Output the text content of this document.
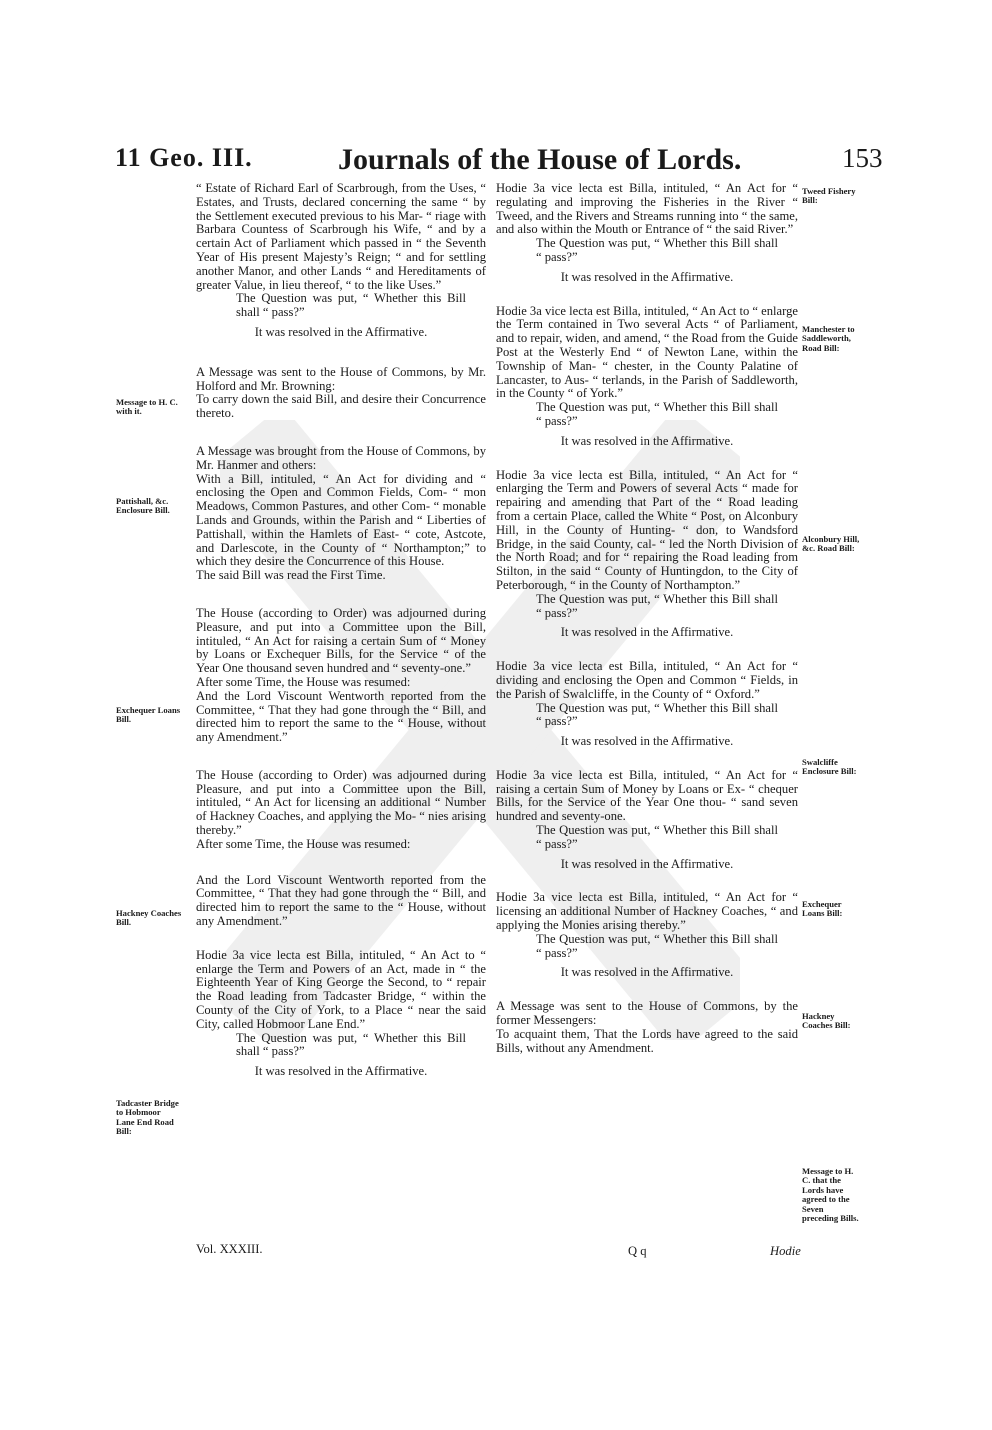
11 Geo. III.	Journals of the House of Lords.	153
Message to H. C. with it.
Pattishall, &c. Enclosure Bill.
Exchequer Loans Bill.
Hackney Coaches Bill.
Tadcaster Bridge to Hobmoor Lane End Road Bill:

“ Estate of Richard Earl of Scarbrough, from the Uses, “ Estates, and Trusts, declared concerning the same “ by the Settlement executed previous to his Mar- “ riage with Barbara Countess of Scarbrough his Wife, “ and by a certain Act of Parliament which passed in “ the Seventh Year of His present Majesty’s Reign; “ and for settling another Manor, and other Lands “ and Hereditaments of greater Value, in lieu thereof, “ to the like Uses.”

The Question was put, “ Whether this Bill shall “ pass?”

It was resolved in the Affirmative.

A Message was sent to the House of Commons, by Mr. Holford and Mr. Browning:

To carry down the said Bill, and desire their Concurrence thereto.

A Message was brought from the House of Commons, by Mr. Hanmer and others:

With a Bill, intituled, “ An Act for dividing and “ enclosing the Open and Common Fields, Com- “ mon Meadows, Common Pastures, and other Com- “ monable Lands and Grounds, within the Parish and “ Liberties of Pattishall, within the Hamlets of East- “ cote, Astcote, and Darlescote, in the County of “ Northampton;” to which they desire the Concurrence of this House.

The said Bill was read the First Time.

The House (according to Order) was adjourned during Pleasure, and put into a Committee upon the Bill, intituled, “ An Act for raising a certain Sum of “ Money by Loans or Exchequer Bills, for the Service “ of the Year One thousand seven hundred and “ seventy-one.”

After some Time, the House was resumed:

And the Lord Viscount Wentworth reported from the Committee, “ That they had gone through the “ Bill, and directed him to report the same to the “ House, without any Amendment.”

The House (according to Order) was adjourned during Pleasure, and put into a Committee upon the Bill, intituled, “ An Act for licensing an additional “ Number of Hackney Coaches, and applying the Mo- “ nies arising thereby.”

After some Time, the House was resumed:

And the Lord Viscount Wentworth reported from the Committee, “ That they had gone through the “ Bill, and directed him to report the same to the “ House, without any Amendment.”

Hodie 3a vice lecta est Billa, intituled, “ An Act to “ enlarge the Term and Powers of an Act, made in “ the Eighteenth Year of King George the Second, to “ repair the Road leading from Tadcaster Bridge, “ within the County of the City of York, to a Place “ near the said City, called Hobmoor Lane End.”

The Question was put, “ Whether this Bill shall “ pass?”

It was resolved in the Affirmative.

Vol. XXXIII.

Hodie 3a vice lecta est Billa, intituled, “ An Act for “ regulating and improving the Fisheries in the River “ Tweed, and the Rivers and Streams running into “ the same, and also within the Mouth or Entrance of “ the said River.”

The Question was put, “ Whether this Bill shall “ pass?”

It was resolved in the Affirmative.

Hodie 3a vice lecta est Billa, intituled, “ An Act to “ enlarge the Term contained in Two several Acts “ of Parliament, and to repair, widen, and amend, “ the Road from the Guide Post at the Westerly End “ of Newton Lane, within the Township of Man- “ chester, in the County Palatine of Lancaster, to Aus- “ terlands, in the Parish of Saddleworth, in the County “ of York.”

The Question was put, “ Whether this Bill shall “ pass?”

It was resolved in the Affirmative.

Hodie 3a vice lecta est Billa, intituled, “ An Act for “ enlarging the Term and Powers of several Acts “ made for repairing and amending that Part of the “ Road leading from a certain Place, called the White “ Post, on Alconbury Hill, in the County of Hunting- “ don, to Wandsford Bridge, in the said County, cal- “ led the North Division of the North Road; and for “ repairing the Road leading from Stilton, in the said “ County of Huntingdon, to the City of Peterborough, “ in the County of Northampton.”

The Question was put, “ Whether this Bill shall “ pass?”

It was resolved in the Affirmative.

Hodie 3a vice lecta est Billa, intituled, “ An Act for “ dividing and enclosing the Open and Common “ Fields, in the Parish of Swalcliffe, in the County of “ Oxford.”

The Question was put, “ Whether this Bill shall “ pass?”

It was resolved in the Affirmative.

Hodie 3a vice lecta est Billa, intituled, “ An Act for “ raising a certain Sum of Money by Loans or Ex- “ chequer Bills, for the Service of the Year One thou- “ sand seven hundred and seventy-one.

The Question was put, “ Whether this Bill shall “ pass?”

It was resolved in the Affirmative.

Hodie 3a vice lecta est Billa, intituled, “ An Act for “ licensing an additional Number of Hackney Coaches, “ and applying the Monies arising thereby.”

The Question was put, “ Whether this Bill shall “ pass?”

It was resolved in the Affirmative.

A Message was sent to the House of Commons, by the former Messengers:

To acquaint them, That the Lords have agreed to the said Bills, without any Amendment.

Q q	Hodie
Tweed Fishery Bill:
Manchester to Saddleworth, Road Bill:
Alconbury Hill, &c. Road Bill:
Swalcliffe Enclosure Bill:
Exchequer Loans Bill:
Hackney Coaches Bill:
Message to H. C. that the Lords have agreed to the Seven preceding Bills.
